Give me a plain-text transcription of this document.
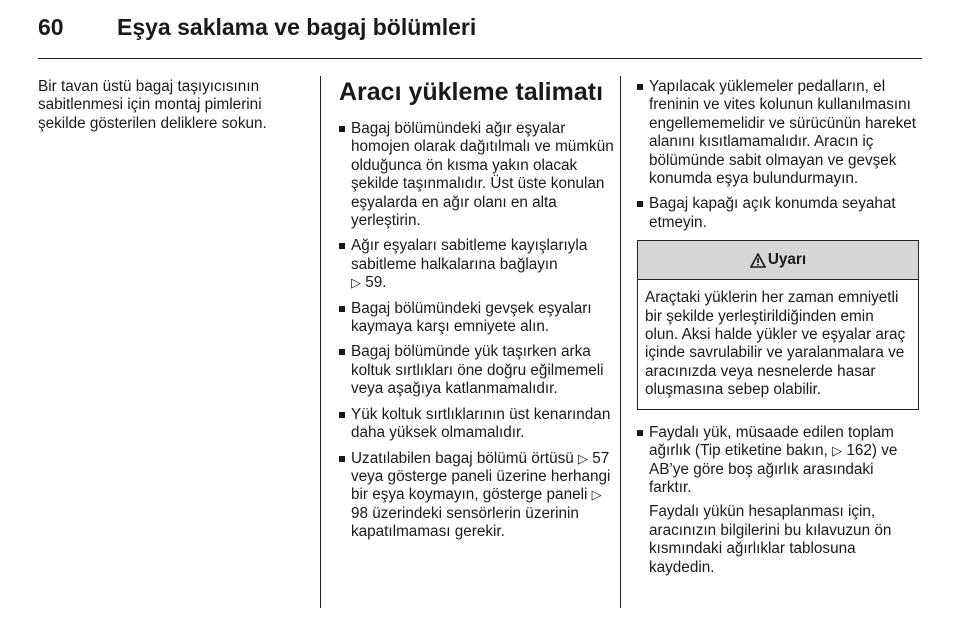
60 Eşya saklama ve bagaj bölümleri
Bir tavan üstü bagaj taşıyıcısının sabitlenmesi için montaj pimlerini şekilde gösterilen deliklere sokun.
Aracı yükleme talimatı
Bagaj bölümündeki ağır eşyalar homojen olarak dağıtılmalı ve mümkün olduğunca ön kısma yakın olacak şekilde taşınmalıdır. Üst üste konulan eşyalarda en ağır olanı en alta yerleştirin.
Ağır eşyaları sabitleme kayışlarıyla sabitleme halkalarına bağlayın
▷ 59.
Bagaj bölümündeki gevşek eşyaları kaymaya karşı emniyete alın.
Bagaj bölümünde yük taşırken arka koltuk sırtlıkları öne doğru eğilmemeli veya aşağıya katlanmamalıdır.
Yük koltuk sırtlıklarının üst kenarından daha yüksek olmamalıdır.
Uzatılabilen bagaj bölümü örtüsü ▷ 57 veya gösterge paneli üzerine herhangi bir eşya koymayın, gösterge paneli ▷ 98 üzerindeki sensörlerin üzerinin kapatılmaması gerekir.
Yapılacak yüklemeler pedalların, el freninin ve vites kolunun kullanılmasını engellememelidir ve sürücünün hareket alanını kısıtlamamalıdır. Aracın iç bölümünde sabit olmayan ve gevşek konumda eşya bulundurmayın.
Bagaj kapağı açık konumda seyahat etmeyin.
Uyarı
Araçtaki yüklerin her zaman emniyetli bir şekilde yerleştirildiğinden emin olun. Aksi halde yükler ve eşyalar araç içinde savrulabilir ve yaralanmalara ve aracınızda veya nesnelerde hasar oluşmasına sebep olabilir.
Faydalı yük, müsaade edilen toplam ağırlık (Tip etiketine bakın, ▷ 162) ve AB’ye göre boş ağırlık arasındaki farktır.
Faydalı yükün hesaplanması için, aracınızın bilgilerini bu kılavuzun ön kısmındaki ağırlıklar tablosuna kaydedin.
